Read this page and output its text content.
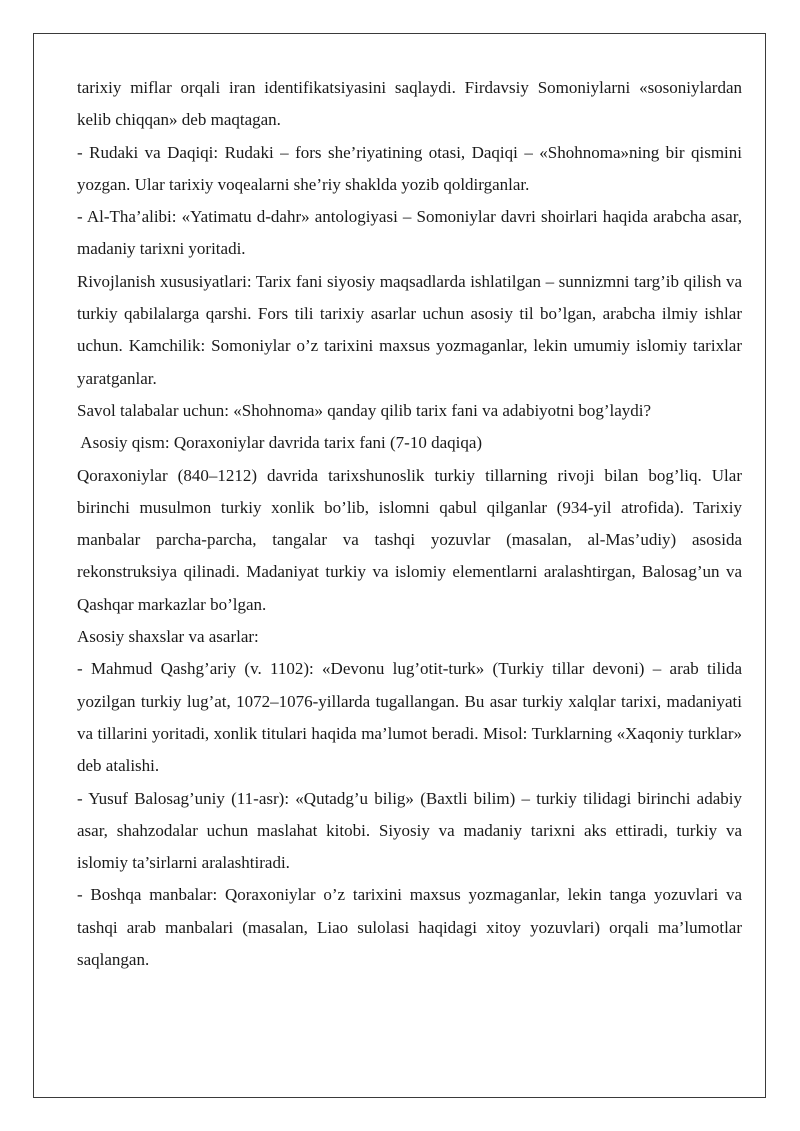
tarixiy miflar orqali iran identifikatsiyasini saqlaydi. Firdavsiy Somoniylarni «sosoniylardan kelib chiqqan» deb maqtagan.

- Rudaki va Daqiqi: Rudaki – fors she’riyatining otasi, Daqiqi – «Shohnoma»ning bir qismini yozgan. Ular tarixiy voqealarni she’riy shaklda yozib qoldirganlar.

- Al-Tha’alibi: «Yatimatu d-dahr» antologiyasi – Somoniylar davri shoirlari haqida arabcha asar, madaniy tarixni yoritadi.

Rivojlanish xususiyatlari: Tarix fani siyosiy maqsadlarda ishlatilgan – sunnizmni targ’ib qilish va turkiy qabilalarga qarshi. Fors tili tarixiy asarlar uchun asosiy til bo’lgan, arabcha ilmiy ishlar uchun. Kamchilik: Somoniylar o’z tarixini maxsus yozmaganlar, lekin umumiy islomiy tarixlar yaratganlar.

Savol talabalar uchun: «Shohnoma» qanday qilib tarix fani va adabiyotni bog’laydi?

Asosiy qism: Qoraxoniylar davrida tarix fani (7-10 daqiqa)

Qoraxoniylar (840–1212) davrida tarixshunoslik turkiy tillarning rivoji bilan bog’liq. Ular birinchi musulmon turkiy xonlik bo’lib, islomni qabul qilganlar (934-yil atrofida). Tarixiy manbalar parcha-parcha, tangalar va tashqi yozuvlar (masalan, al-Mas’udiy) asosida rekonstruksiya qilinadi. Madaniyat turkiy va islomiy elementlarni aralashtirgan, Balosag’un va Qashqar markazlar bo’lgan.

Asosiy shaxslar va asarlar:

- Mahmud Qashg’ariy (v. 1102): «Devonu lug’otit-turk» (Turkiy tillar devoni) – arab tilida yozilgan turkiy lug’at, 1072–1076-yillarda tugallangan. Bu asar turkiy xalqlar tarixi, madaniyati va tillarini yoritadi, xonlik titulari haqida ma’lumot beradi. Misol: Turklarning «Xaqoniy turklar» deb atalishi.

- Yusuf Balosag’uniy (11-asr): «Qutadg’u bilig» (Baxtli bilim) – turkiy tilidagi birinchi adabiy asar, shahzodalar uchun maslahat kitobi. Siyosiy va madaniy tarixni aks ettiradi, turkiy va islomiy ta’sirlarni aralashtiradi.

- Boshqa manbalar: Qoraxoniylar o’z tarixini maxsus yozmaganlar, lekin tanga yozuvlari va tashqi arab manbalari (masalan, Liao sulolasi haqidagi xitoy yozuvlari) orqali ma’lumotlar saqlangan.
